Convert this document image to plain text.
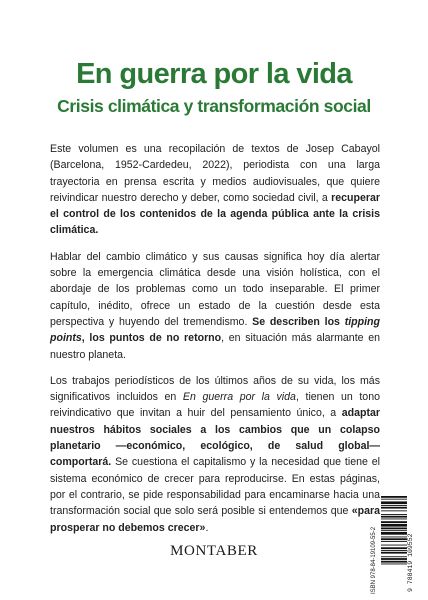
En guerra por la vida
Crisis climática y transformación social

Este volumen es una recopilación de textos de Josep Cabayol (Barcelona, 1952-Cardedeu, 2022), periodista con una larga trayectoria en prensa escrita y medios audiovisuales, que quiere reivindicar nuestro derecho y deber, como sociedad civil, a recuperar el control de los contenidos de la agenda pública ante la crisis climática.

Hablar del cambio climático y sus causas significa hoy día alertar sobre la emergencia climática desde una visión holística, con el abordaje de los problemas como un todo inseparable. El primer capítulo, inédito, ofrece un estado de la cuestión desde esta perspectiva y huyendo del tremendismo. Se describen los tipping points, los puntos de no retorno, en situación más alarmante en nuestro planeta.

Los trabajos periodísticos de los últimos años de su vida, los más significativos incluidos en En guerra por la vida, tienen un tono reivindicativo que invitan a huir del pensamiento único, a adaptar nuestros hábitos sociales a los cambios que un colapso planetario —económico, ecológico, de salud global— comportará. Se cuestiona el capitalismo y la necesidad que tiene el sistema económico de crecer para reproducirse. En estas páginas, por el contrario, se pide responsabilidad para encaminarse hacia una transformación social que solo será posible si entendemos que «para prosperar no debemos crecer».

MONTABER	ISBN 978-84-19109-55-2	9 788419 109552
